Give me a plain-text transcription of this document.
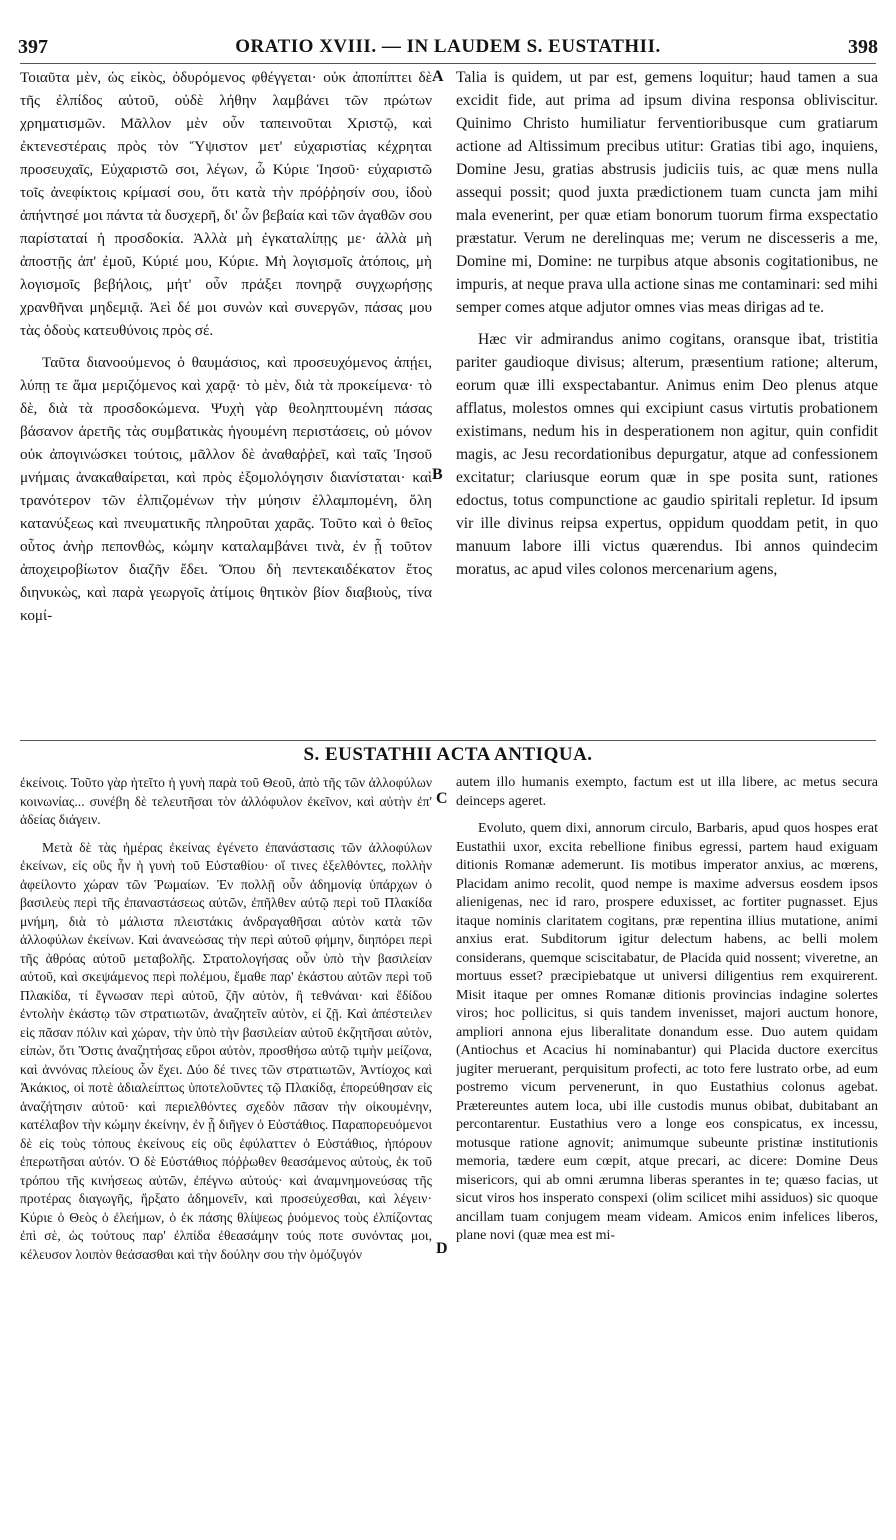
397	ORATIO XVIII. — IN LAUDEM S. EUSTATHII.	398

Τοιαῦτα μὲν, ὡς εἰκὸς, ὀδυρόμενος φθέγγεται· οὐκ ἀποπίπτει δὲ τῆς ἐλπίδος αὐτοῦ, οὐδὲ λήθην λαμβάνει τῶν πρώτων χρηματισμῶν. Μᾶλλον μὲν οὖν ταπεινοῦται Χριστῷ, καὶ ἐκτενεστέραις πρὸς τὸν Ὕψιστον μετ' εὐχαριστίας κέχρηται προσευχαῖς, Εὐχαριστῶ σοι, λέγων, ὦ Κύριε Ἰησοῦ· εὐχαριστῶ τοῖς ἀνεφίκτοις κρίμασί σου, ὅτι κατὰ τὴν πρόῤῥησίν σου, ἰδοὺ ἀπήντησέ μοι πάντα τὰ δυσχερῆ, δι' ὧν βεβαία καὶ τῶν ἀγαθῶν σου παρίσταταί ἡ προσδοκία. Ἀλλὰ μὴ ἐγκαταλίπῃς με· ἀλλὰ μὴ ἀποστῇς ἀπ' ἐμοῦ, Κύριέ μου, Κύριε. Μὴ λογισμοῖς ἀτόποις, μὴ λογισμοῖς βεβήλοις, μήτ' οὖν πράξει πονηρᾷ συγχωρήσῃς χρανθῆναι μηδεμιᾷ. Ἀεὶ δέ μοι συνὼν καὶ συνεργῶν, πάσας μου τὰς ὁδοὺς κατευθύνοις πρὸς σέ.

Ταῦτα διανοούμενος ὁ θαυμάσιος, καὶ προσευχόμενος ἀπῄει, λύπῃ τε ἅμα μεριζόμενος καὶ χαρᾷ· τὸ μὲν, διὰ τὰ προκείμενα· τὸ δὲ, διὰ τὰ προσδοκώμενα. Ψυχὴ γὰρ θεοληπτουμένη πάσας βάσανον ἀρετῆς τὰς συμβατικὰς ἡγουμένη περιστάσεις, οὐ μόνον οὐκ ἀπογινώσκει τούτοις, μᾶλλον δὲ ἀναθαῤῥεῖ, καὶ ταῖς Ἰησοῦ μνήμαις ἀνακαθαίρεται, καὶ πρὸς ἐξομολόγησιν διανίσταται· καὶ τρανότερον τῶν ἐλπιζομένων τὴν μύησιν ἐλλαμπομένη, ὅλη κατανύξεως καὶ πνευματικῆς πληροῦται χαρᾶς. Τοῦτο καὶ ὁ θεῖος οὗτος ἀνὴρ πεπονθὼς, κώμην καταλαμβάνει τινὰ, ἐν ᾗ τοῦτον ἀποχειροβίωτον διαζῆν ἔδει. Ὅπου δὴ πεντεκαιδέκατον ἔτος διηνυκὼς, καὶ παρὰ γεωργοῖς ἀτίμοις θητικὸν βίον διαβιοὺς, τίνα κομί-

A
B

Talia is quidem, ut par est, gemens loquitur; haud tamen a sua excidit fide, aut prima ad ipsum divina responsa obliviscitur. Quinimo Christo humiliatur ferventioribusque cum gratiarum actione ad Altissimum precibus utitur: Gratias tibi ago, inquiens, Domine Jesu, gratias abstrusis judiciis tuis, ac quæ mens nulla assequi possit; quod juxta prædictionem tuam cuncta jam mihi mala evenerint, per quæ etiam bonorum tuorum firma exspectatio præstatur. Verum ne derelinquas me; verum ne discesseris a me, Domine mi, Domine: ne turpibus atque absonis cogitationibus, ne impuris, at neque prava ulla actione sinas me contaminari: sed mihi semper comes atque adjutor omnes vias meas dirigas ad te.

Hæc vir admirandus animo cogitans, oransque ibat, tristitia pariter gaudioque divisus; alterum, præsentium ratione; alterum, eorum quæ illi exspectabantur. Animus enim Deo plenus atque afflatus, molestos omnes qui excipiunt casus virtutis probationem existimans, nedum his in desperationem non agitur, quin confidit magis, ac Jesu recordationibus depurgatur, atque ad confessionem excitatur; clariusque eorum quæ in spe posita sunt, rationes edoctus, totus compunctione ac gaudio spiritali repletur. Id ipsum vir ille divinus reipsa expertus, oppidum quoddam petit, in quo manuum labore illi victus quærendus. Ibi annos quindecim moratus, ac apud viles colonos mercenarium agens,

S. EUSTATHII ACTA ANTIQUA.

ἐκείνοις. Τοῦτο γὰρ ἠτεῖτο ἡ γυνὴ παρὰ τοῦ Θεοῦ, ἀπὸ τῆς τῶν ἀλλοφύλων κοινωνίας... συνέβη δὲ τελευτῆσαι τὸν ἀλλόφυλον ἐκεῖνον, καὶ αὐτὴν ἐπ' ἀδείας διάγειν.

Μετὰ δὲ τὰς ἡμέρας ἐκείνας ἐγένετο ἐπανάστασις τῶν ἀλλοφύλων ἐκείνων, εἰς οὓς ἦν ἡ γυνὴ τοῦ Εὐσταθίου· οἵ τινες ἐξελθόντες, πολλὴν ἀφείλοντο χώραν τῶν Ῥωμαίων. Ἐν πολλῇ οὖν ἀδημονίᾳ ὑπάρχων ὁ βασιλεὺς περὶ τῆς ἐπαναστάσεως αὐτῶν, ἐπῆλθεν αὐτῷ περὶ τοῦ Πλακίδα μνήμη, διὰ τὸ μάλιστα πλειστάκις ἀνδραγαθῆσαι αὐτὸν κατὰ τῶν ἀλλοφύλων ἐκείνων. Καὶ ἀνανεώσας τὴν περὶ αὐτοῦ φήμην, διηπόρει περὶ τῆς ἀθρόας αὐτοῦ μεταβολῆς. Στρατολογήσας οὖν ὑπὸ τὴν βασιλείαν αὐτοῦ, καὶ σκεψάμενος περὶ πολέμου, ἔμαθε παρ' ἑκάστου αὐτῶν περὶ τοῦ Πλακίδα, τί ἔγνωσαν περὶ αὐτοῦ, ζῆν αὐτὸν, ἢ τεθνάναι· καὶ ἔδίδου ἐντολὴν ἑκάστῳ τῶν στρατιωτῶν, ἀναζητεῖν αὐτὸν, εἰ ζῇ. Καὶ ἀπέστειλεν εἰς πᾶσαν πόλιν καὶ χώραν, τὴν ὑπὸ τὴν βασιλείαν αὐτοῦ ἐκζητῆσαι αὐτὸν, εἰπὼν, ὅτι Ὅστις ἀναζητήσας εὕροι αὐτὸν, προσθήσω αὐτῷ τιμὴν μείζονα, καὶ ἀννόνας πλείους ὧν ἔχει. Δύο δέ τινες τῶν στρατιωτῶν, Ἀντίοχος καὶ Ἀκάκιος, οἱ ποτὲ ἀδιαλείπτως ὑποτελοῦντες τῷ Πλακίδᾳ, ἐπορεύθησαν εἰς ἀναζήτησιν αὐτοῦ· καὶ περιελθόντες σχεδὸν πᾶσαν τὴν οἰκουμένην, κατέλαβον τὴν κώμην ἐκείνην, ἐν ᾗ διῆγεν ὁ Εὐστάθιος. Παραπορευόμενοι δὲ εἰς τοὺς τόπους ἐκείνους εἰς οὓς ἐφύλαττεν ὁ Εὐστάθιος, ἠπόρουν ἐπερωτῆσαι αὐτόν. Ὁ δὲ Εὐστάθιος πόῤῥωθεν θεασάμενος αὐτοὺς, ἐκ τοῦ τρόπου τῆς κινήσεως αὐτῶν, ἐπέγνω αὐτούς· καὶ ἀναμνημονεύσας τῆς προτέρας διαγωγῆς, ἤρξατο ἀδημονεῖν, καὶ προσεύχεσθαι, καὶ λέγειν· Κύριε ὁ Θεὸς ὁ ἐλεήμων, ὁ ἐκ πάσης θλίψεως ῥυόμενος τοὺς ἐλπίζοντας ἐπὶ σὲ, ὡς τούτους παρ' ἐλπίδα ἐθεασάμην τούς ποτε συνόντας μοι, κέλευσον λοιπὸν θεάσασθαι καὶ τὴν δούλην σου τὴν ὁμόζυγόν

C
D

autem illo humanis exempto, factum est ut illa libere, ac metus secura deinceps ageret.

Evoluto, quem dixi, annorum circulo, Barbaris, apud quos hospes erat Eustathii uxor, excita rebellione finibus egressi, partem haud exiguam ditionis Romanæ ademerunt. Iis motibus imperator anxius, ac mœrens, Placidam animo recolit, quod nempe is maxime adversus eosdem ipsos alienigenas, nec id raro, prospere eduxisset, ac fortiter pugnasset. Ejus itaque nominis claritatem cogitans, præ repentina illius mutatione, animi anxius erat. Subditorum igitur delectum habens, ac belli molem considerans, quemque sciscitabatur, de Placida quid nossent; viveretne, an mortuus esset? præcipiebatque ut universi diligentius rem exquirerent. Misit itaque per omnes Romanæ ditionis provincias indagine solertes viros; hoc pollicitus, si quis tandem invenisset, majori auctum honore, ampliori annona ejus liberalitate donandum esse. Duo autem quidam (Antiochus et Acacius hi nominabantur) qui Placida ductore exercitus jugiter meruerant, perquisitum profecti, ac toto fere lustrato orbe, ad eum postremo vicum pervenerunt, in quo Eustathius colonus agebat. Prætereuntes autem loca, ubi ille custodis munus obibat, dubitabant an percontarentur. Eustathius vero a longe eos conspicatus, ex incessu, motusque ratione agnovit; animumque subeunte pristinæ institutionis memoria, tædere eum cœpit, atque precari, ac dicere: Domine Deus misericors, qui ab omni ærumna liberas sperantes in te; quæso facias, ut sicut viros hos insperato conspexi (olim scilicet mihi assiduos) sic quoque ancillam tuam conjugem meam videam. Amicos enim infelices liberos, plane novi (quæ mea est mi-
